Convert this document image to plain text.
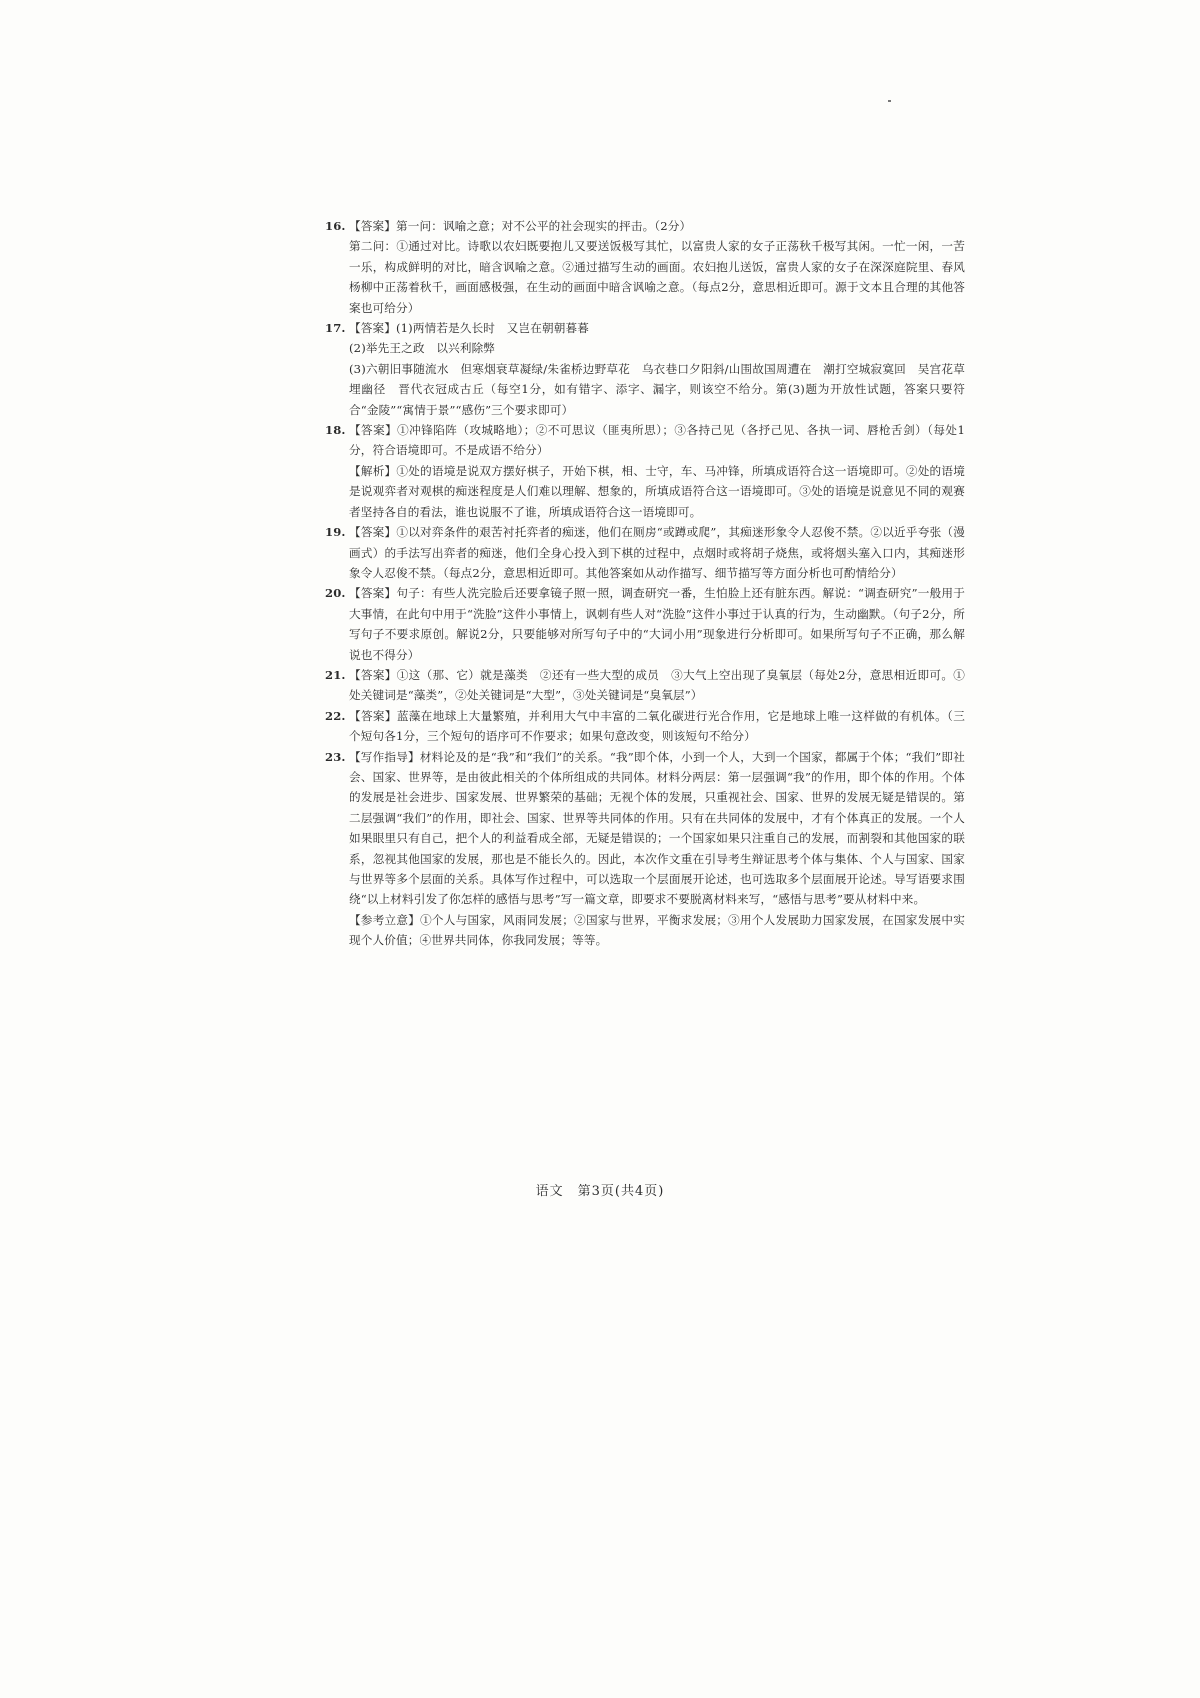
16. 【答案】第一问：讽喻之意；对不公平的社会现实的抨击。（2分）

第二问：①通过对比。诗歌以农妇既要抱儿又要送饭极写其忙，以富贵人家的女子正荡秋千极写其闲。一忙一闲，一苦一乐，构成鲜明的对比，暗含讽喻之意。②通过描写生动的画面。农妇抱儿送饭，富贵人家的女子在深深庭院里、春风杨柳中正荡着秋千，画面感极强，在生动的画面中暗含讽喻之意。（每点2分，意思相近即可。源于文本且合理的其他答案也可给分）

17. 【答案】(1)两情若是久长时　又岂在朝朝暮暮

(2)举先王之政　以兴利除弊

(3)六朝旧事随流水　但寒烟衰草凝绿/朱雀桥边野草花　乌衣巷口夕阳斜/山围故国周遭在　潮打空城寂寞回　吴宫花草埋幽径　晋代衣冠成古丘（每空1分，如有错字、添字、漏字，则该空不给分。第(3)题为开放性试题，答案只要符合“金陵”“寓情于景”“感伤”三个要求即可）

18. 【答案】①冲锋陷阵（攻城略地）；②不可思议（匪夷所思）；③各持己见（各抒己见、各执一词、唇枪舌剑）（每处1分，符合语境即可。不是成语不给分）

【解析】①处的语境是说双方摆好棋子，开始下棋，相、士守，车、马冲锋，所填成语符合这一语境即可。②处的语境是说观弈者对观棋的痴迷程度是人们难以理解、想象的，所填成语符合这一语境即可。③处的语境是说意见不同的观赛者坚持各自的看法，谁也说服不了谁，所填成语符合这一语境即可。

19. 【答案】①以对弈条件的艰苦衬托弈者的痴迷，他们在厕房“或蹲或爬”，其痴迷形象令人忍俊不禁。②以近乎夸张（漫画式）的手法写出弈者的痴迷，他们全身心投入到下棋的过程中，点烟时或将胡子烧焦，或将烟头塞入口内，其痴迷形象令人忍俊不禁。（每点2分，意思相近即可。其他答案如从动作描写、细节描写等方面分析也可酌情给分）

20. 【答案】句子：有些人洗完脸后还要拿镜子照一照，调查研究一番，生怕脸上还有脏东西。解说：“调查研究”一般用于大事情，在此句中用于“洗脸”这件小事情上，讽刺有些人对“洗脸”这件小事过于认真的行为，生动幽默。（句子2分，所写句子不要求原创。解说2分，只要能够对所写句子中的“大词小用”现象进行分析即可。如果所写句子不正确，那么解说也不得分）

21. 【答案】①这（那、它）就是藻类　②还有一些大型的成员　③大气上空出现了臭氧层（每处2分，意思相近即可。①处关键词是“藻类”，②处关键词是“大型”，③处关键词是“臭氧层”）

22. 【答案】蓝藻在地球上大量繁殖，并利用大气中丰富的二氧化碳进行光合作用，它是地球上唯一这样做的有机体。（三个短句各1分，三个短句的语序可不作要求；如果句意改变，则该短句不给分）

23. 【写作指导】材料论及的是“我”和“我们”的关系。“我”即个体，小到一个人，大到一个国家，都属于个体；“我们”即社会、国家、世界等，是由彼此相关的个体所组成的共同体。材料分两层：第一层强调“我”的作用，即个体的作用。个体的发展是社会进步、国家发展、世界繁荣的基础；无视个体的发展，只重视社会、国家、世界的发展无疑是错误的。第二层强调“我们”的作用，即社会、国家、世界等共同体的作用。只有在共同体的发展中，才有个体真正的发展。一个人如果眼里只有自己，把个人的利益看成全部，无疑是错误的；一个国家如果只注重自己的发展，而割裂和其他国家的联系，忽视其他国家的发展，那也是不能长久的。因此，本次作文重在引导考生辩证思考个体与集体、个人与国家、国家与世界等多个层面的关系。具体写作过程中，可以选取一个层面展开论述，也可选取多个层面展开论述。导写语要求围绕“以上材料引发了你怎样的感悟与思考”写一篇文章，即要求不要脱离材料来写，“感悟与思考”要从材料中来。

【参考立意】①个人与国家，风雨同发展；②国家与世界，平衡求发展；③用个人发展助力国家发展，在国家发展中实现个人价值；④世界共同体，你我同发展；等等。

语文　第3页(共4页)
